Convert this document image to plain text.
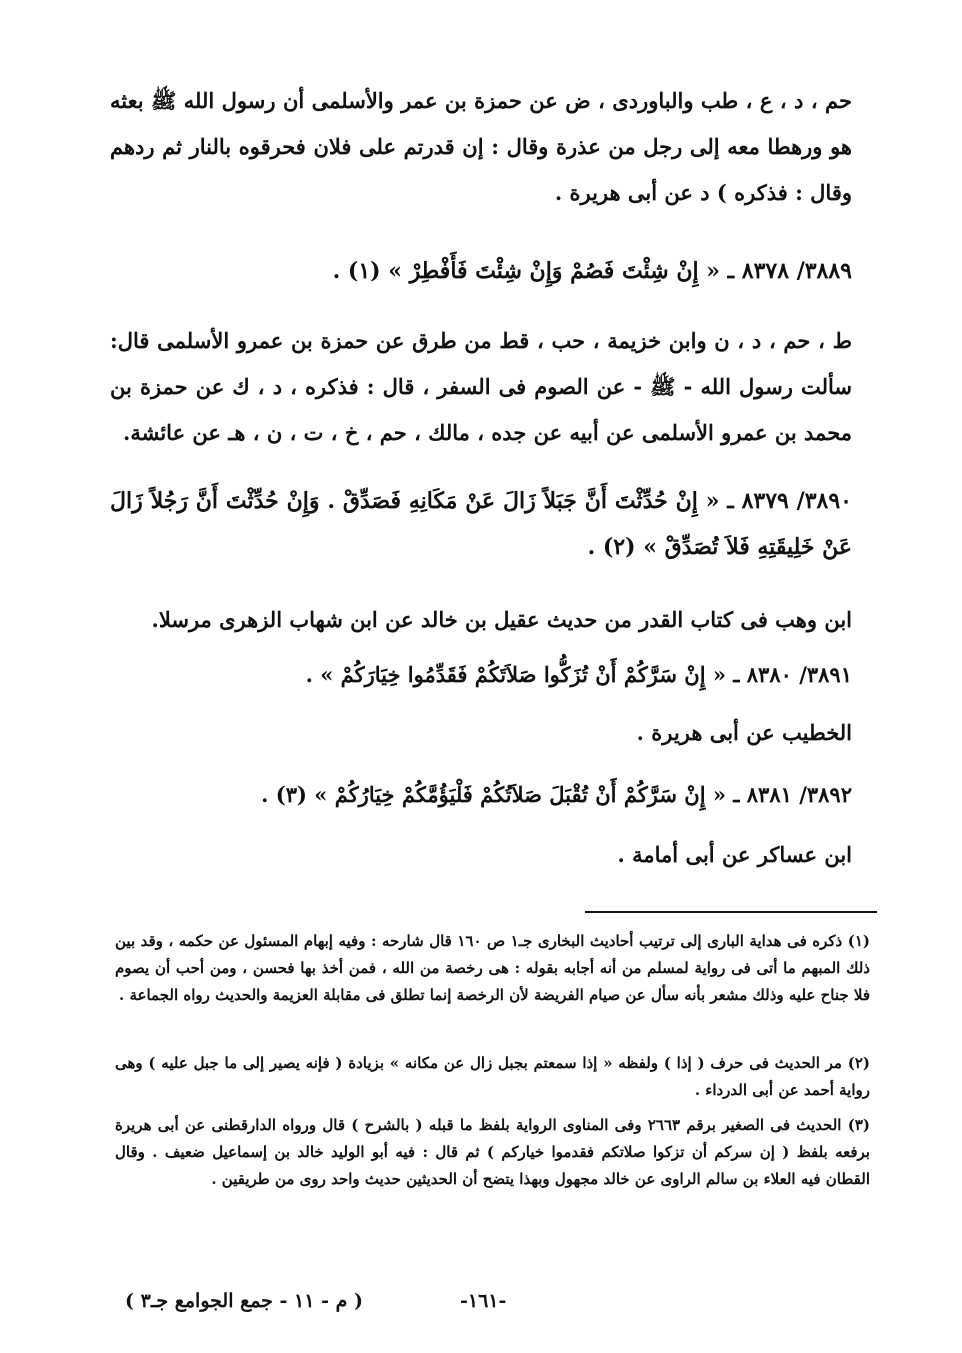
حم ، د ، ع ، طب والباوردى ، ض عن حمزة بن عمر والأسلمى أن رسول الله ﷺ بعثه هو ورهطا معه إلى رجل من عذرة وقال : إن قدرتم على فلان فحرقوه بالنار ثم ردهم وقال : فذكره ) د عن أبى هريرة .
٣٨٨٩/ ٨٣٧٨ ـ « إِنْ شِئْتَ فَصُمْ وَإِنْ شِئْتَ فَأَفْطِرْ » (١) .
ط ، حم ، د ، ن وابن خزيمة ، حب ، قط من طرق عن حمزة بن عمرو الأسلمى قال: سألت رسول الله - ﷺ - عن الصوم فى السفر ، قال : فذكره ، د ، ك عن حمزة بن محمد بن عمرو الأسلمى عن أبيه عن جده ، مالك ، حم ، خ ، ت ، ن ، هـ عن عائشة.
٣٨٩٠/ ٨٣٧٩ ـ « إِنْ حُدِّثْتَ أَنَّ جَبَلاً زَالَ عَنْ مَكَانِهِ فَصَدِّقْ . وَإِنْ حُدِّثْتَ أَنَّ رَجُلاً زَالَ عَنْ خَلِيقَتِهِ فَلاَ تُصَدِّقْ » (٢) .
ابن وهب فى كتاب القدر من حديث عقيل بن خالد عن ابن شهاب الزهرى مرسلا.
٣٨٩١/ ٨٣٨٠ ـ « إِنْ سَرَّكُمْ أَنْ تُزَكُّوا صَلاَتَكُمْ فَقَدِّمُوا خِيَارَكُمْ » .
الخطيب عن أبى هريرة .
٣٨٩٢/ ٨٣٨١ ـ « إِنْ سَرَّكُمْ أَنْ تُقْبَلَ صَلاَتُكُمْ فَلْيَؤُمَّكُمْ خِيَارُكُمْ » (٣) .
ابن عساكر عن أبى أمامة .
(١) ذكره فى هداية البارى إلى ترتيب أحاديث البخارى جـ١ ص ١٦٠ قال شارحه : وفيه إبهام المسئول عن حكمه ، وقد بين ذلك المبهم ما أتى فى رواية لمسلم من أنه أجابه بقوله : هى رخصة من الله ، فمن أخذ بها فحسن ، ومن أحب أن يصوم فلا جناح عليه وذلك مشعر بأنه سأل عن صيام الفريضة لأن الرخصة إنما تطلق فى مقابلة العزيمة والحديث رواه الجماعة .
(٢) مر الحديث فى حرف ( إذا ) ولفظه « إذا سمعتم بجبل زال عن مكانه » بزيادة ( فإنه يصير إلى ما جبل عليه ) وهى رواية أحمد عن أبى الدرداء .
(٣) الحديث فى الصغير برقم ٢٦٦٣ وفى المناوى الرواية بلفظ ما قبله ( بالشرح ) قال ورواه الدارقطنى عن أبى هريرة برفعه بلفظ ( إن سركم أن تزكوا صلاتكم فقدموا خياركم ) ثم قال : فيه أبو الوليد خالد بن إسماعيل ضعيف . وقال القطان فيه العلاء بن سالم الراوى عن خالد مجهول وبهذا يتضح أن الحديثين حديث واحد روى من طريقين .
-١٦١-
( م - ١١ - جمع الجوامع جـ٣ )
